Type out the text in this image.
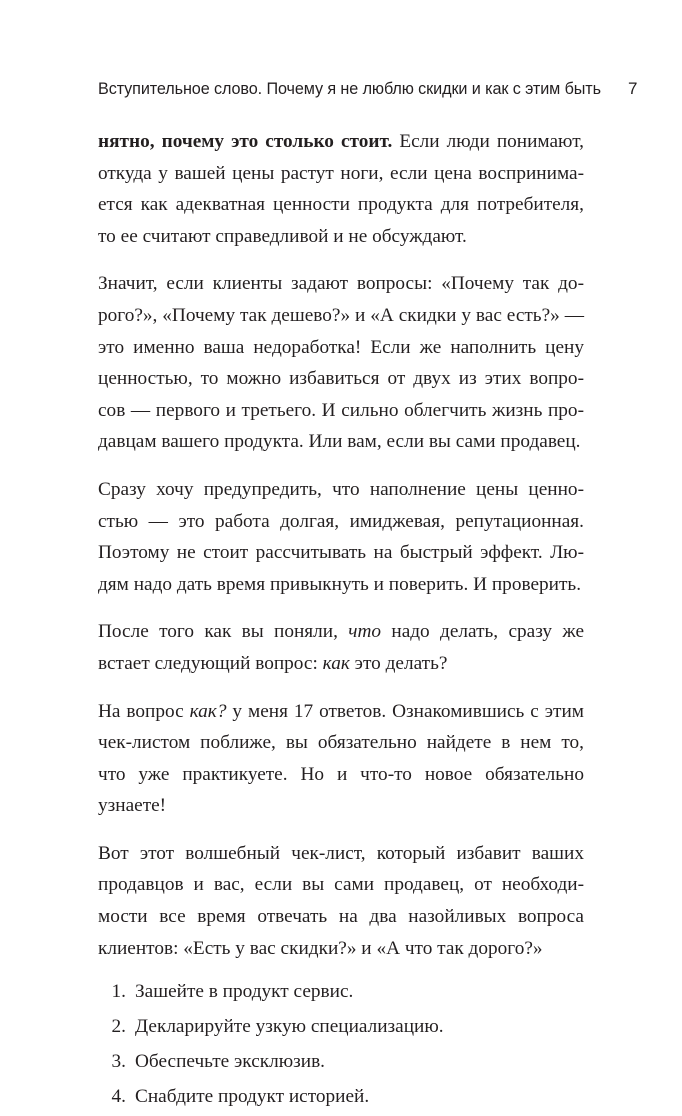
Вступительное слово. Почему я не люблю скидки и как с этим быть 7

нятно, почему это столько стоит. Если люди понимают,
откуда у вашей цены растут ноги, если цена воспринима-
ется как адекватная ценности продукта для потребителя,
то ее считают справедливой и не обсуждают.

Значит, если клиенты задают вопросы: «Почему так до-
рого?», «Почему так дешево?» и «А скидки у вас есть?» —
это именно ваша недоработка! Если же наполнить цену
ценностью, то можно избавиться от двух из этих вопро-
сов — первого и третьего. И сильно облегчить жизнь про-
давцам вашего продукта. Или вам, если вы сами продавец.

Сразу хочу предупредить, что наполнение цены ценно-
стью — это работа долгая, имиджевая, репутационная.
Поэтому не стоит рассчитывать на быстрый эффект. Лю-
дям надо дать время привыкнуть и поверить. И проверить.

После того как вы поняли, что надо делать, сразу же
встает следующий вопрос: как это делать?

На вопрос как? у меня 17 ответов. Ознакомившись с этим
чек-листом поближе, вы обязательно найдете в нем то,
что уже практикуете. Но и что-то новое обязательно
узнаете!

Вот этот волшебный чек-лист, который избавит ваших
продавцов и вас, если вы сами продавец, от необходи-
мости все время отвечать на два назойливых вопроса
клиентов: «Есть у вас скидки?» и «А что так дорого?»

1. Зашейте в продукт сервис.
2. Декларируйте узкую специализацию.
3. Обеспечьте эксклюзив.
4. Снабдите продукт историей.
